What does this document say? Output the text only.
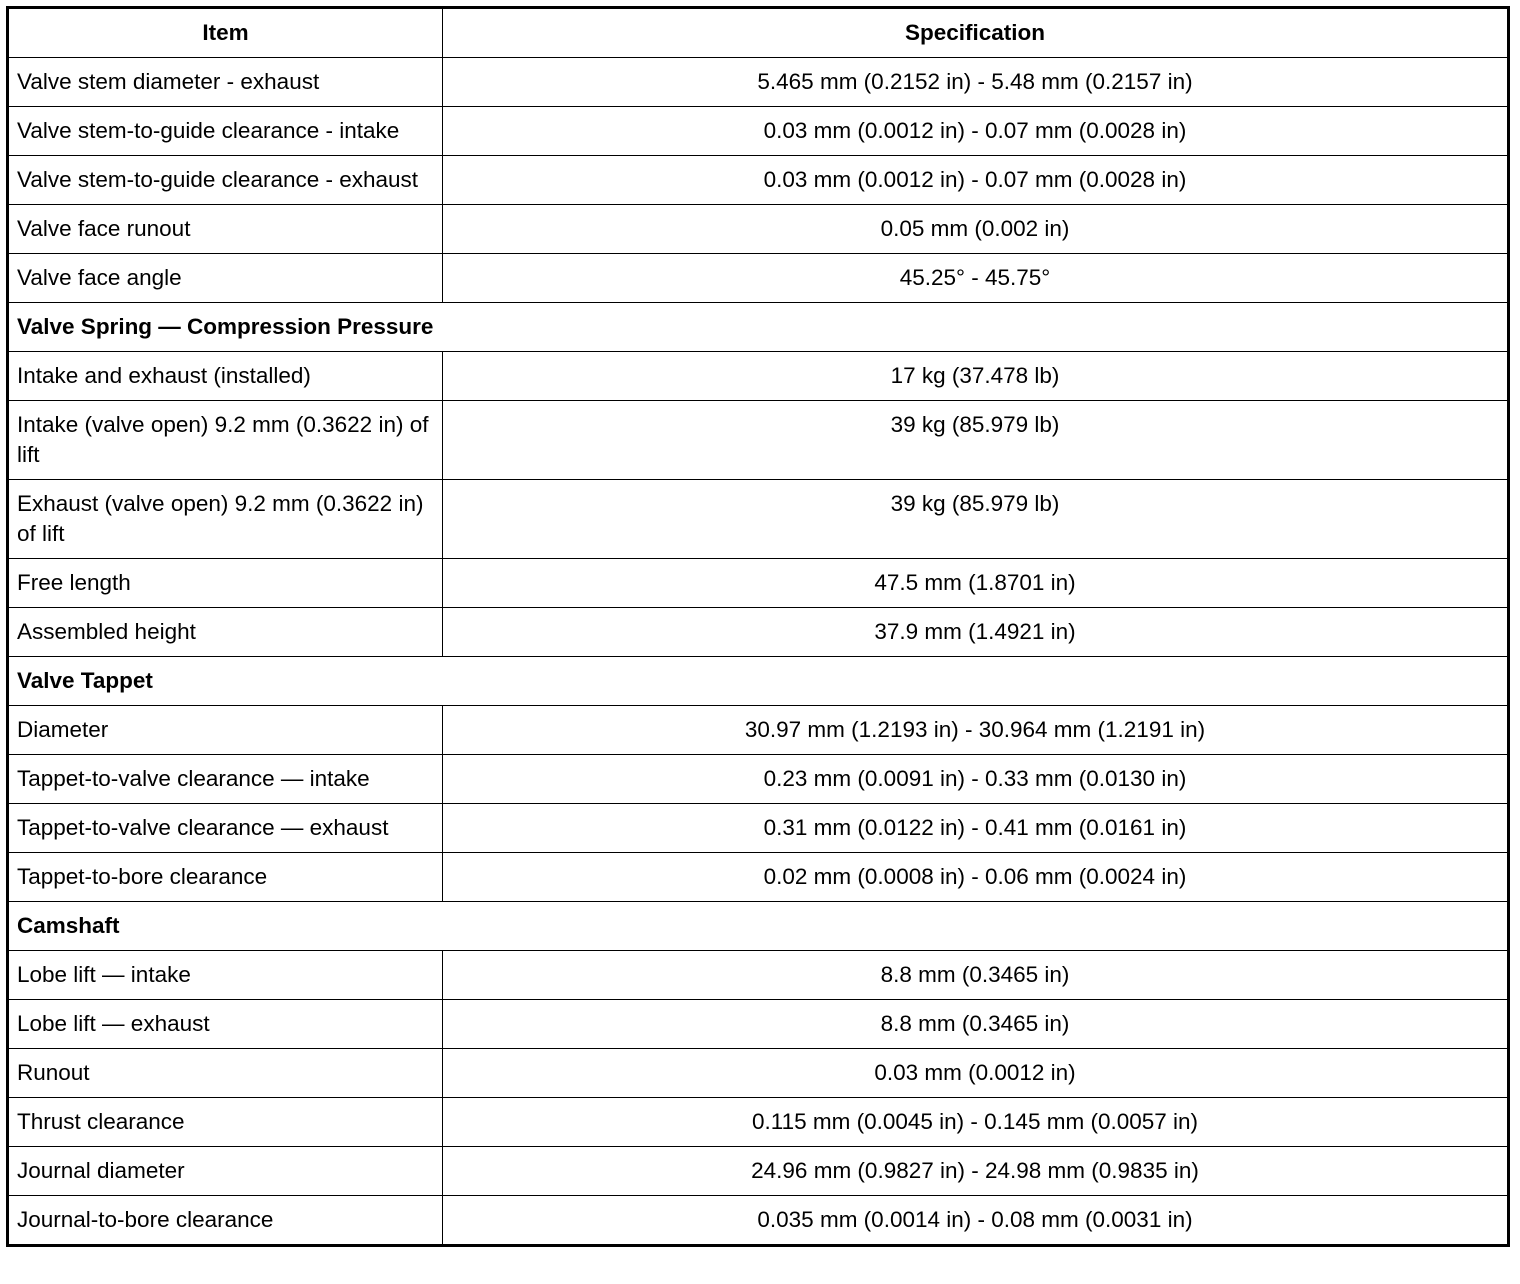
Item	Specification
Valve stem diameter - exhaust	5.465 mm (0.2152 in) - 5.48 mm (0.2157 in)
Valve stem-to-guide clearance - intake	0.03 mm (0.0012 in) - 0.07 mm (0.0028 in)
Valve stem-to-guide clearance - exhaust	0.03 mm (0.0012 in) - 0.07 mm (0.0028 in)
Valve face runout	0.05 mm (0.002 in)
Valve face angle	45.25° - 45.75°
Valve Spring — Compression Pressure	
Intake and exhaust (installed)	17 kg (37.478 lb)
Intake (valve open) 9.2 mm (0.3622 in) of lift	39 kg (85.979 lb)
Exhaust (valve open) 9.2 mm (0.3622 in) of lift	39 kg (85.979 lb)
Free length	47.5 mm (1.8701 in)
Assembled height	37.9 mm (1.4921 in)
Valve Tappet	
Diameter	30.97 mm (1.2193 in) - 30.964 mm (1.2191 in)
Tappet-to-valve clearance — intake	0.23 mm (0.0091 in) - 0.33 mm (0.0130 in)
Tappet-to-valve clearance — exhaust	0.31 mm (0.0122 in) - 0.41 mm (0.0161 in)
Tappet-to-bore clearance	0.02 mm (0.0008 in) - 0.06 mm (0.0024 in)
Camshaft	
Lobe lift — intake	8.8 mm (0.3465 in)
Lobe lift — exhaust	8.8 mm (0.3465 in)
Runout	0.03 mm (0.0012 in)
Thrust clearance	0.115 mm (0.0045 in) - 0.145 mm (0.0057 in)
Journal diameter	24.96 mm (0.9827 in) - 24.98 mm (0.9835 in)
Journal-to-bore clearance	0.035 mm (0.0014 in) - 0.08 mm (0.0031 in)
